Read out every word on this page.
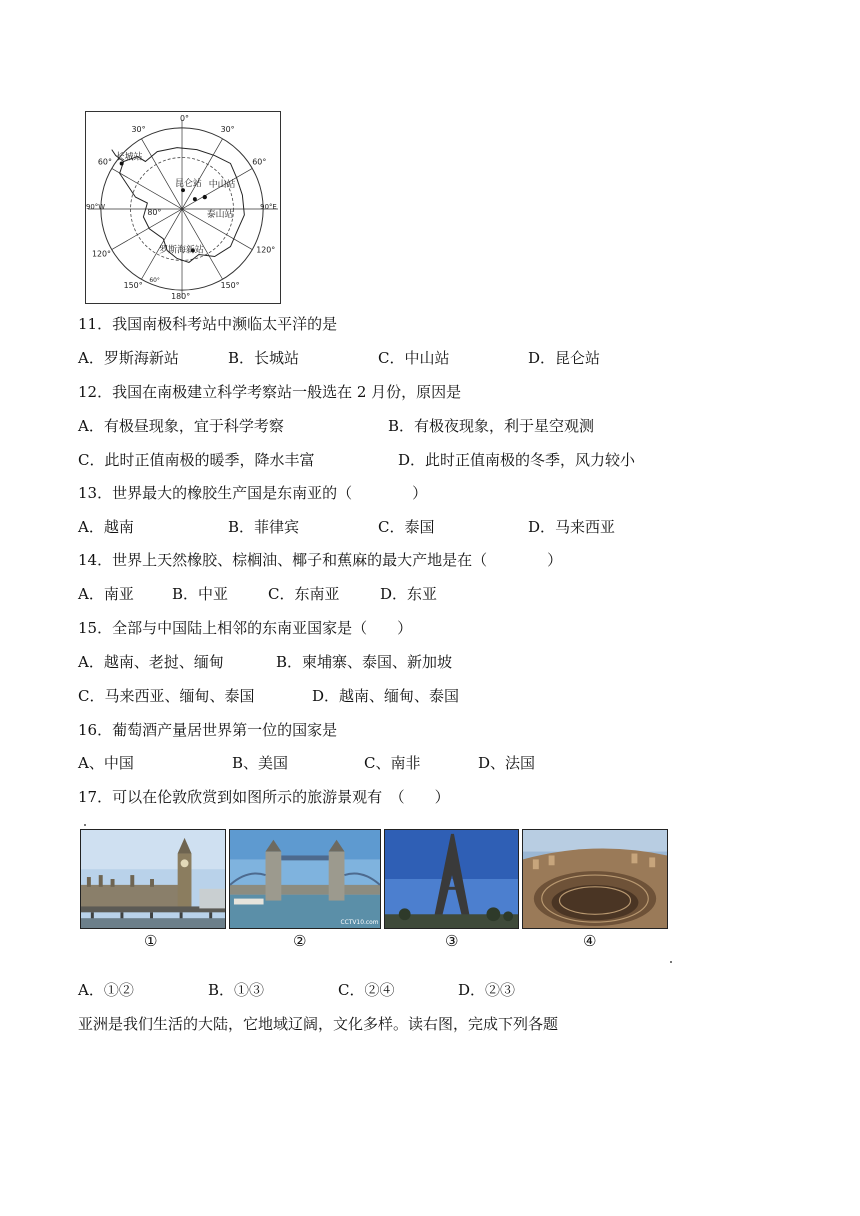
0°
30°	30°
60°	60°
90°W	90°E
120°	120°
150°
180°
150°
60°
80°
长城站
昆仑站 中山站
泰山站
罗斯海新站
11．我国南极科考站中濒临太平洋的是
A．罗斯海新站	B．长城站	C．中山站	D．昆仑站
12．我国在南极建立科学考察站一般选在 2 月份，原因是
A．有极昼现象，宜于科学考察	B．有极夜现象，利于星空观测
C．此时正值南极的暖季，降水丰富	D．此时正值南极的冬季，风力较小
13．世界最大的橡胶生产国是东南亚的（　　　　）
A．越南	B．菲律宾	C．泰国	D．马来西亚
14．世界上天然橡胶、棕榈油、椰子和蕉麻的最大产地是在（　　　　）
A．南亚	B．中亚	C．东南亚	D．东亚
15．全部与中国陆上相邻的东南亚国家是（　　）
A．越南、老挝、缅甸	B．柬埔寨、泰国、新加坡
C．马来西亚、缅甸、泰国	D．越南、缅甸、泰国
16．葡萄酒产量居世界第一位的国家是
A、中国	B、美国	C、南非	D、法国
17．可以在伦敦欣赏到如图所示的旅游景观有　（　　）
CCTV10.com
①	②	③	④
A．①②	B．①③	C．②④	D．②③
亚洲是我们生活的大陆，它地域辽阔，文化多样。读右图，完成下列各题
